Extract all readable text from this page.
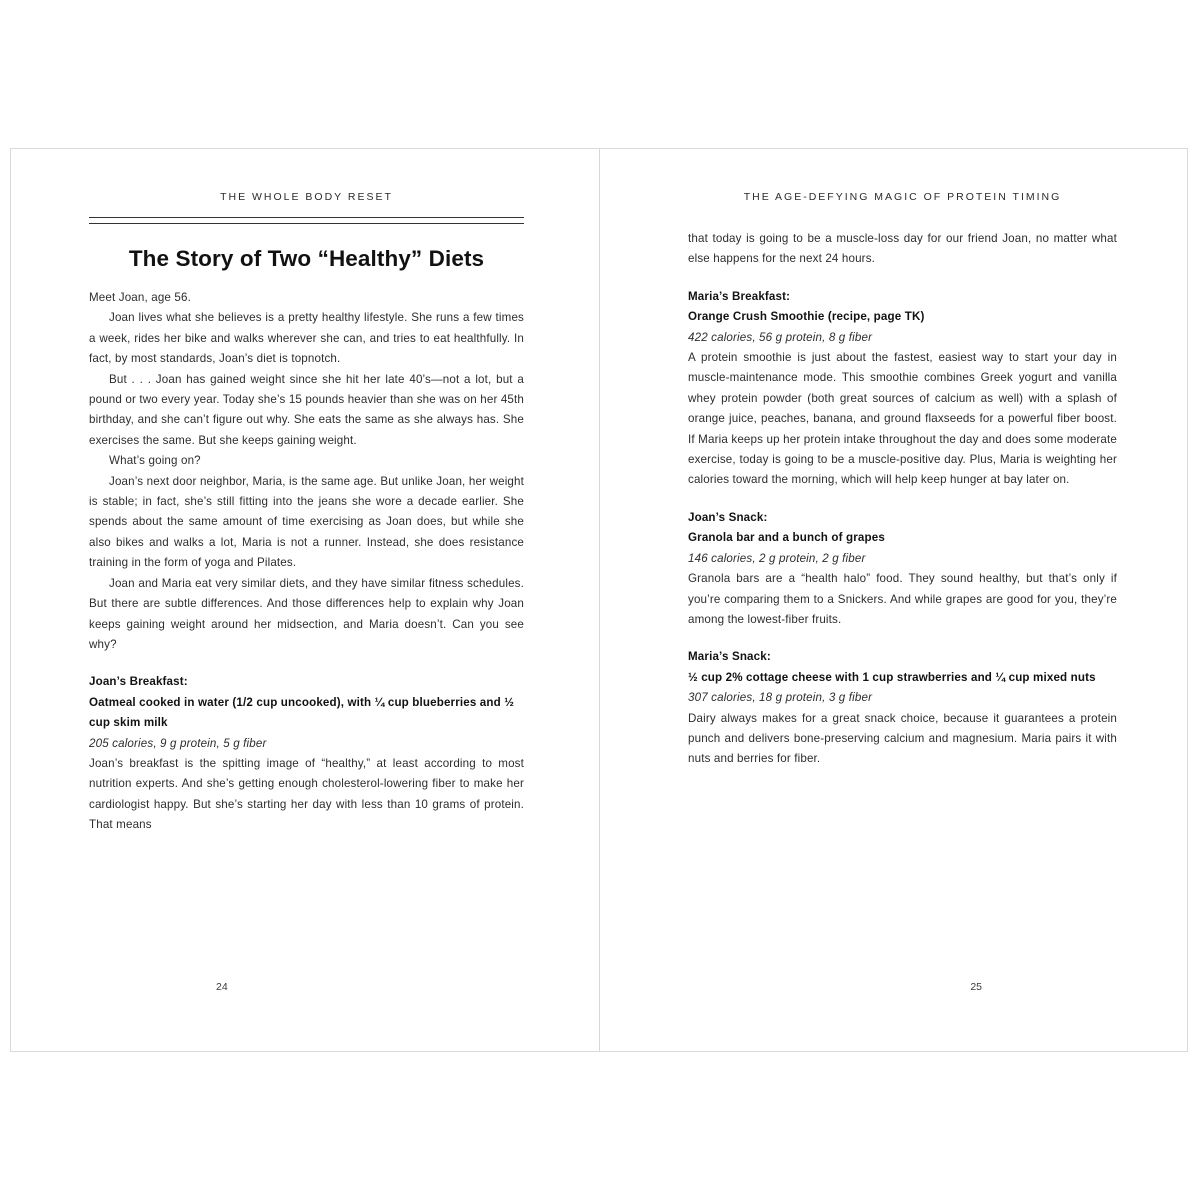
THE WHOLE BODY RESET
The Story of Two “Healthy” Diets

Meet Joan, age 56.

Joan lives what she believes is a pretty healthy lifestyle. She runs a few times a week, rides her bike and walks wherever she can, and tries to eat healthfully. In fact, by most standards, Joan’s diet is topnotch.

But . . . Joan has gained weight since she hit her late 40’s—not a lot, but a pound or two every year. Today she’s 15 pounds heavier than she was on her 45th birthday, and she can’t figure out why. She eats the same as she always has. She exercises the same. But she keeps gaining weight.

What’s going on?

Joan’s next door neighbor, Maria, is the same age. But unlike Joan, her weight is stable; in fact, she’s still fitting into the jeans she wore a decade earlier. She spends about the same amount of time exercising as Joan does, but while she also bikes and walks a lot, Maria is not a runner. Instead, she does resistance training in the form of yoga and Pilates.

Joan and Maria eat very similar diets, and they have similar fitness schedules. But there are subtle differences. And those differences help to explain why Joan keeps gaining weight around her midsection, and Maria doesn’t. Can you see why?

Joan’s Breakfast:
Oatmeal cooked in water (1/2 cup uncooked), with ¼ cup blueberries and ½ cup skim milk
205 calories, 9 g protein, 5 g fiber

Joan’s breakfast is the spitting image of “healthy,” at least according to most nutrition experts. And she’s getting enough cholesterol-lowering fiber to make her cardiologist happy. But she’s starting her day with less than 10 grams of protein. That means

24
THE AGE-DEFYING MAGIC OF PROTEIN TIMING

that today is going to be a muscle-loss day for our friend Joan, no matter what else happens for the next 24 hours.

Maria’s Breakfast:
Orange Crush Smoothie (recipe, page TK)
422 calories, 56 g protein, 8 g fiber

A protein smoothie is just about the fastest, easiest way to start your day in muscle-maintenance mode. This smoothie combines Greek yogurt and vanilla whey protein powder (both great sources of calcium as well) with a splash of orange juice, peaches, banana, and ground flaxseeds for a powerful fiber boost. If Maria keeps up her protein intake throughout the day and does some moderate exercise, today is going to be a muscle-positive day. Plus, Maria is weighting her calories toward the morning, which will help keep hunger at bay later on.

Joan’s Snack:
Granola bar and a bunch of grapes
146 calories, 2 g protein, 2 g fiber

Granola bars are a “health halo” food. They sound healthy, but that’s only if you’re comparing them to a Snickers. And while grapes are good for you, they’re among the lowest-fiber fruits.

Maria’s Snack:
½ cup 2% cottage cheese with 1 cup strawberries and ¼ cup mixed nuts
307 calories, 18 g protein, 3 g fiber

Dairy always makes for a great snack choice, because it guarantees a protein punch and delivers bone-preserving calcium and magnesium. Maria pairs it with nuts and berries for fiber.

25
